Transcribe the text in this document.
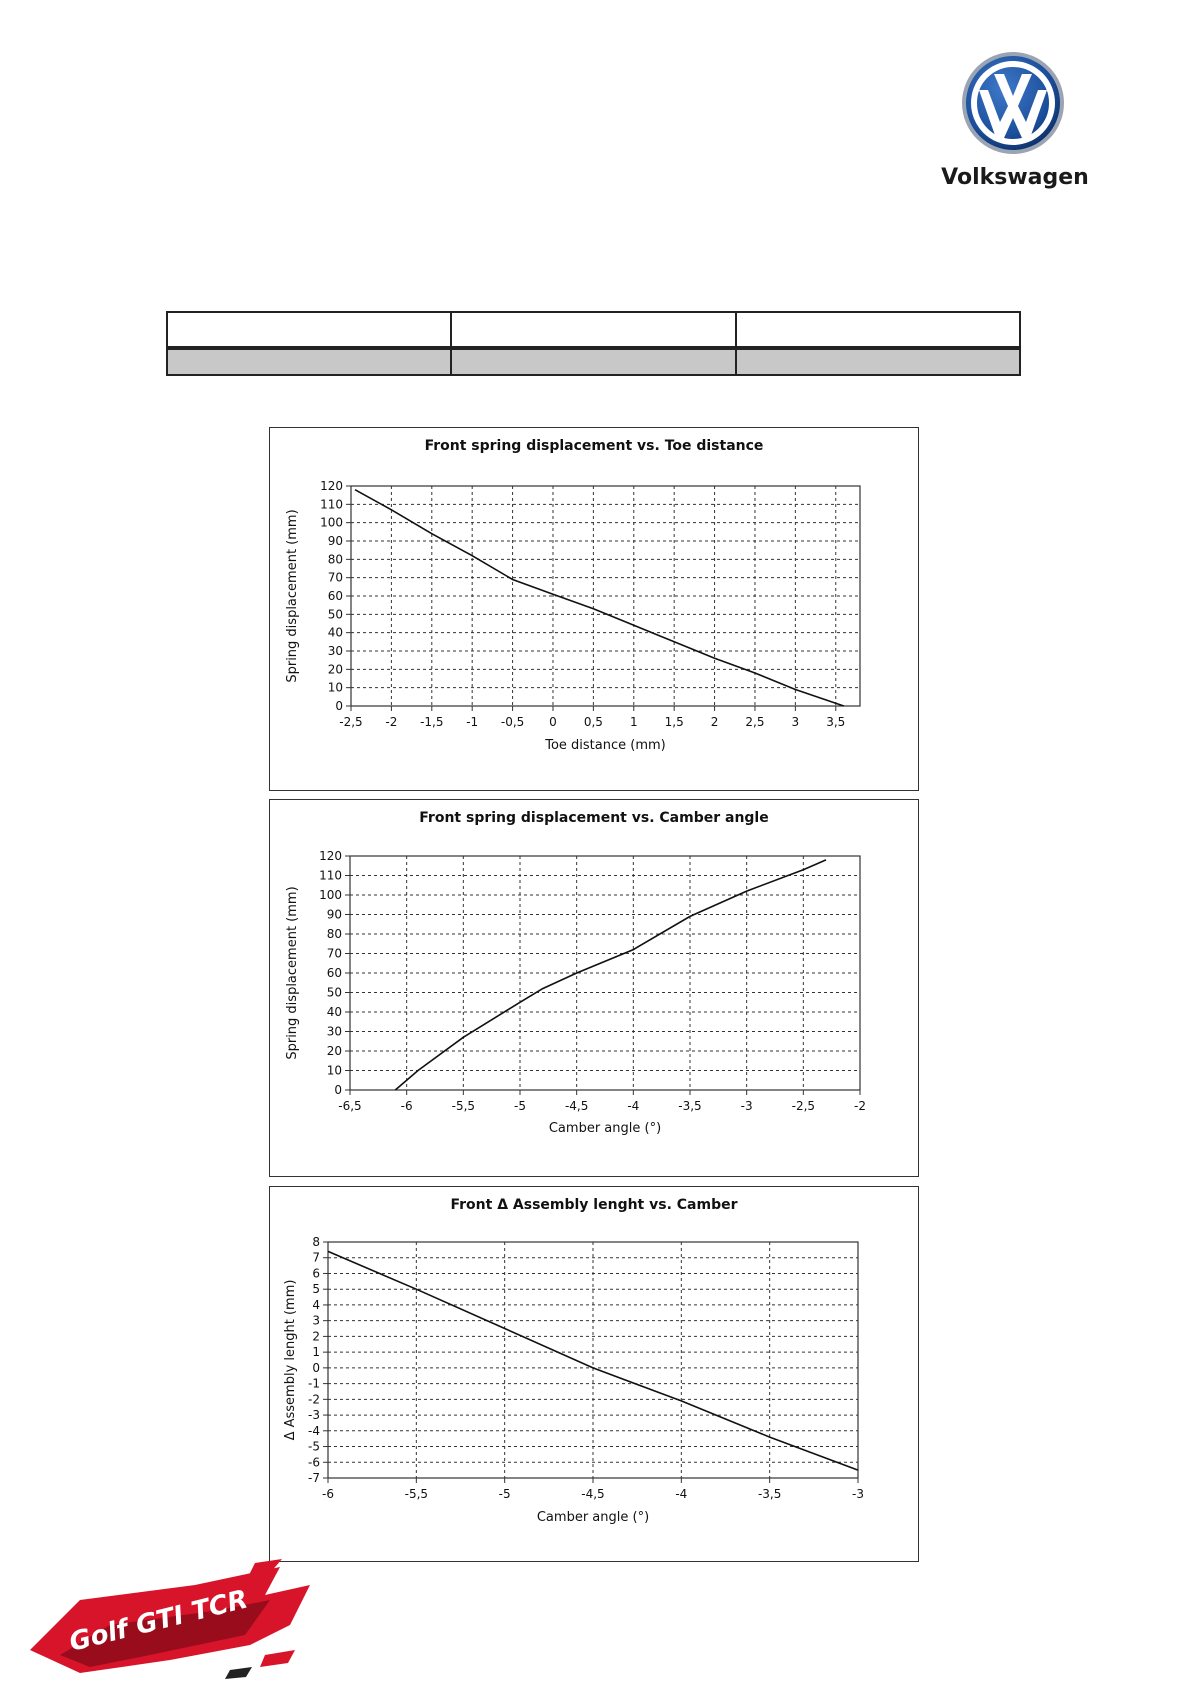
Volkswagen

Front spring displacement vs. Toe distance
0
10
20
30
40
50
60
70
80
90
100
110
120
-2,5 -2 -1,5 -1 -0,5 0 0,5 1 1,5 2 2,5 3 3,5
Toe distance (mm)
Spring displacement (mm)
Front spring displacement vs. Camber angle
0
10
20
30
40
50
60
70
80
90
100
110
120
-6,5	-6	-5,5	-5	-4,5	-4	-3,5	-3	-2,5	-2
Camber angle (°)
Spring displacement (mm)
Front Δ Assembly lenght vs. Camber
-7
-6
-5
-4
-3
-2
-1
0
1
2
3
4
5
6
7
8
-6	-5,5	-5	-4,5	-4	-3,5	-3
Camber angle (°)
Δ Assembly lenght (mm)
Golf GTI TCR
